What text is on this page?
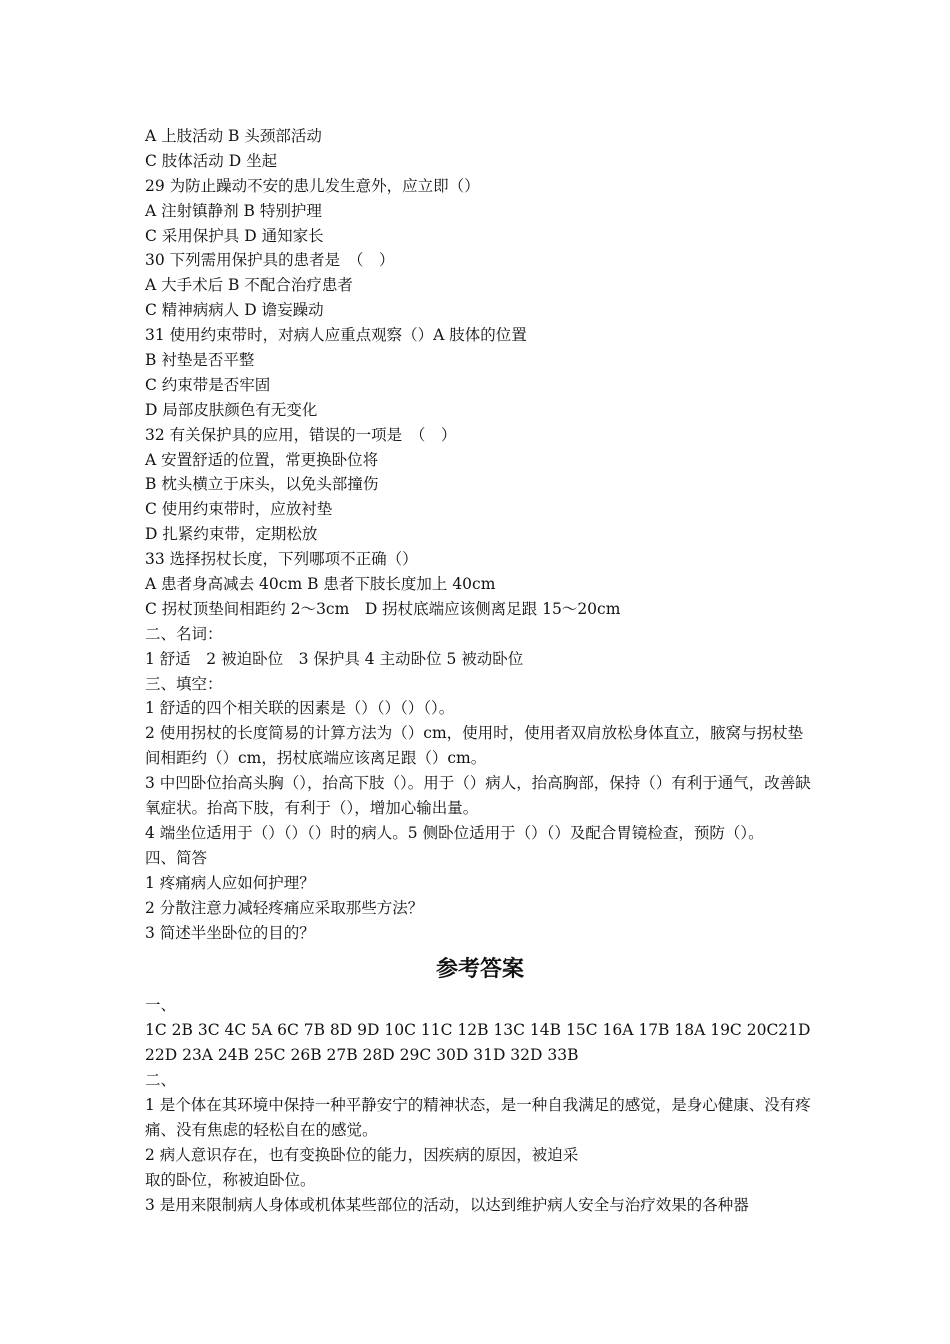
A 上肢活动 B 头颈部活动
C 肢体活动 D 坐起
29 为防止躁动不安的患儿发生意外，应立即（）
A 注射镇静剂 B 特别护理
C 采用保护具 D 通知家长
30 下列需用保护具的患者是　（　）
A 大手术后 B 不配合治疗患者
C 精神病病人 D 谵妄躁动
31 使用约束带时，对病人应重点观察（）A 肢体的位置
B 衬垫是否平整
C 约束带是否牢固
D 局部皮肤颜色有无变化
32 有关保护具的应用，错误的一项是　（　）
A 安置舒适的位置，常更换卧位将
B 枕头横立于床头，以免头部撞伤
C 使用约束带时，应放衬垫
D 扎紧约束带，定期松放
33 选择拐杖长度，下列哪项不正确（）
A 患者身高减去 40cm B 患者下肢长度加上 40cm
C 拐杖顶垫间相距约 2～3cm　D 拐杖底端应该侧离足跟 15～20cm
二、名词：
1 舒适　2 被迫卧位　3 保护具 4 主动卧位 5 被动卧位
三、填空：
1 舒适的四个相关联的因素是（）（）（）（）。
2 使用拐杖的长度简易的计算方法为（）cm，使用时，使用者双肩放松身体直立，腋窝与拐杖垫间相距约（）cm，拐杖底端应该离足跟（）cm。
3 中凹卧位抬高头胸（），抬高下肢（）。用于（）病人，抬高胸部，保持（）有利于通气，改善缺氧症状。抬高下肢，有利于（），增加心输出量。
4 端坐位适用于（）（）（）时的病人。5 侧卧位适用于（）（）及配合胃镜检查，预防（）。
四、简答
1 疼痛病人应如何护理？
2 分散注意力减轻疼痛应采取那些方法？
3 简述半坐卧位的目的？
参考答案
一、
1C 2B 3C 4C 5A 6C 7B 8D 9D 10C 11C 12B 13C 14B 15C 16A 17B 18A 19C 20C21D
22D 23A 24B 25C 26B 27B 28D 29C 30D 31D 32D 33B
二、
1 是个体在其环境中保持一种平静安宁的精神状态，是一种自我满足的感觉，是身心健康、没有疼痛、没有焦虑的轻松自在的感觉。
2 病人意识存在，也有变换卧位的能力，因疾病的原因，被迫采
取的卧位，称被迫卧位。
3 是用来限制病人身体或机体某些部位的活动，以达到维护病人安全与治疗效果的各种器
